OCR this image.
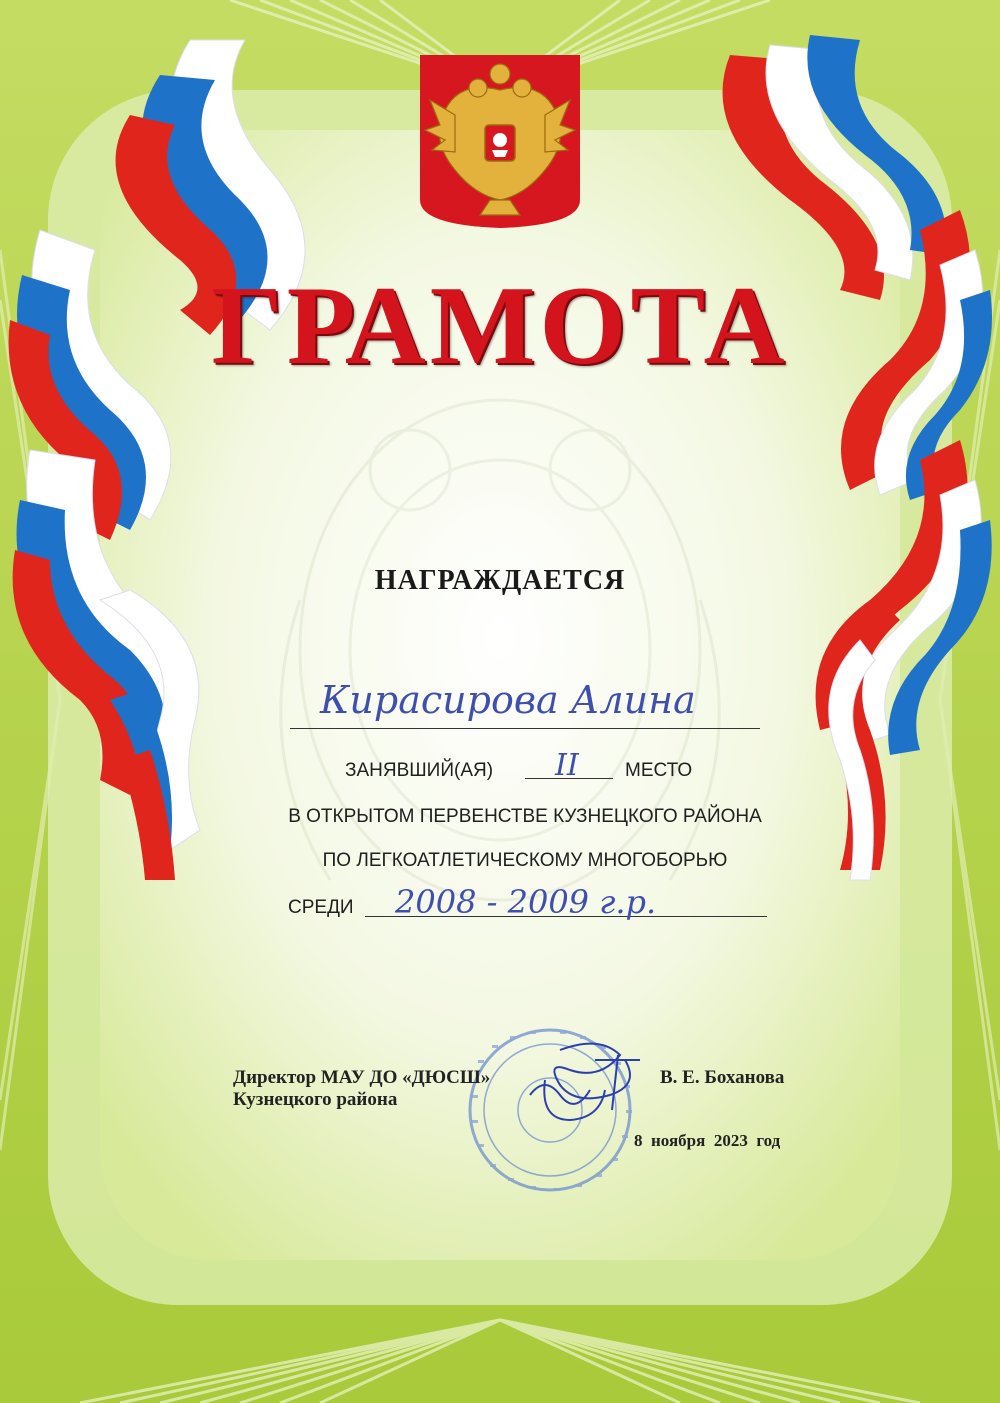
ГРАМОТА
НАГРАЖДАЕТСЯ
Кирасирова Алина
ЗАНЯВШИЙ(АЯ) II МЕСТО
В ОТКРЫТОМ ПЕРВЕНСТВЕ КУЗНЕЦКОГО РАЙОНА
ПО ЛЕГКОАТЛЕТИЧЕСКОМУ МНОГОБОРЬЮ
СРЕДИ 2008 - 2009 г.р.
Директор МАУ ДО «ДЮСШ»
Кузнецкого района
В. Е. Боханова
8  ноября  2023  год
